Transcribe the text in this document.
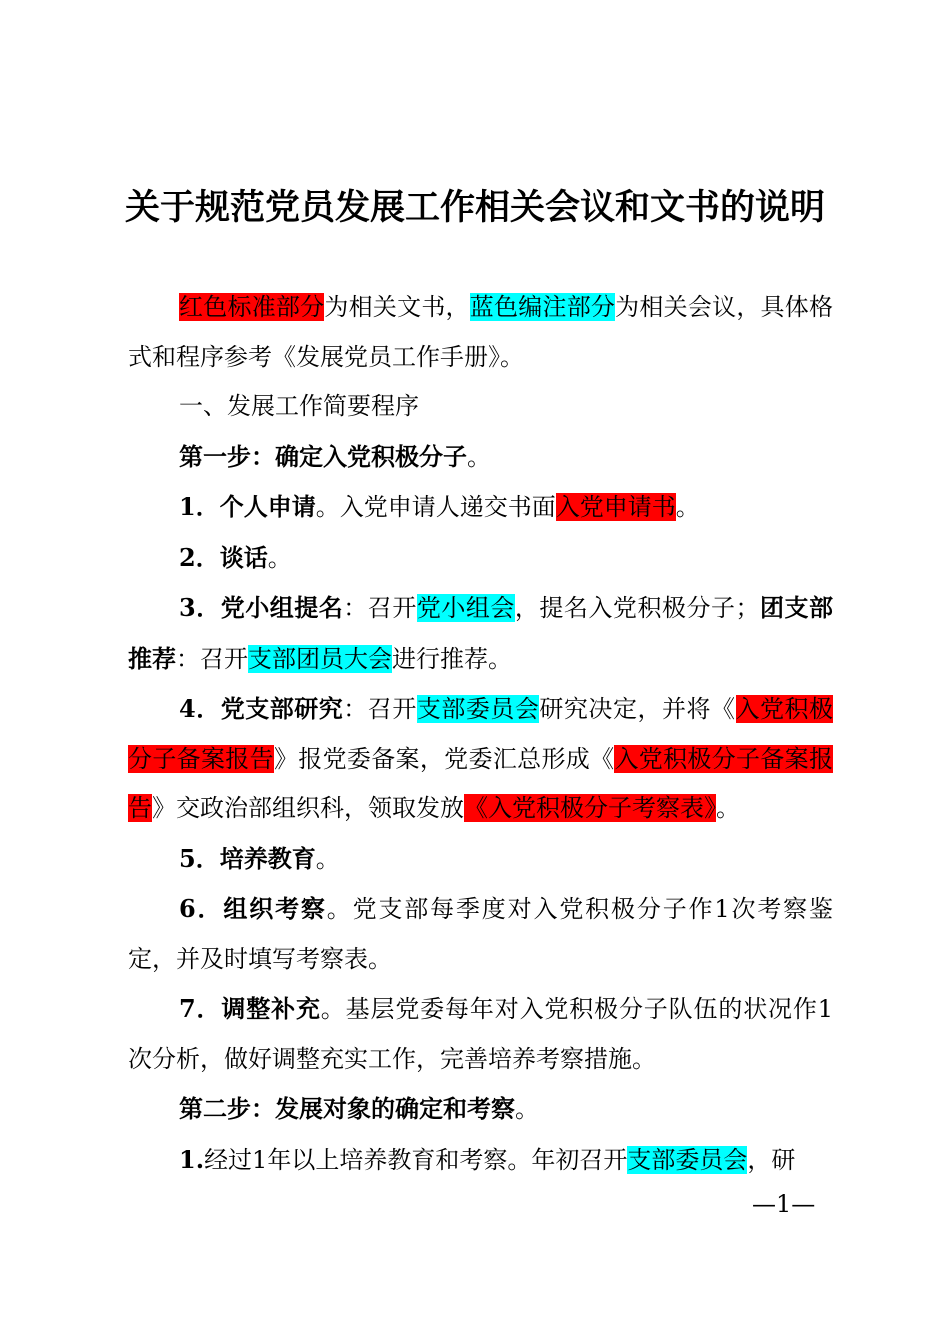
关于规范党员发展工作相关会议和文书的说明

红色标准部分为相关文书，蓝色编注部分为相关会议，具体格式和程序参考《发展党员工作手册》。

一、发展工作简要程序

第一步：确定入党积极分子。

1．个人申请。入党申请人递交书面入党申请书。

2．谈话。

3．党小组提名：召开党小组会，提名入党积极分子；团支部推荐：召开支部团员大会进行推荐。

4．党支部研究：召开支部委员会研究决定，并将《入党积极分子备案报告》报党委备案，党委汇总形成《入党积极分子备案报告》交政治部组织科，领取发放《入党积极分子考察表》。

5．培养教育。

6．组织考察。党支部每季度对入党积极分子作1次考察鉴定，并及时填写考察表。

7．调整补充。基层党委每年对入党积极分子队伍的状况作1次分析，做好调整充实工作，完善培养考察措施。

第二步：发展对象的确定和考察。

1.经过1年以上培养教育和考察。年初召开支部委员会，研

—1—
